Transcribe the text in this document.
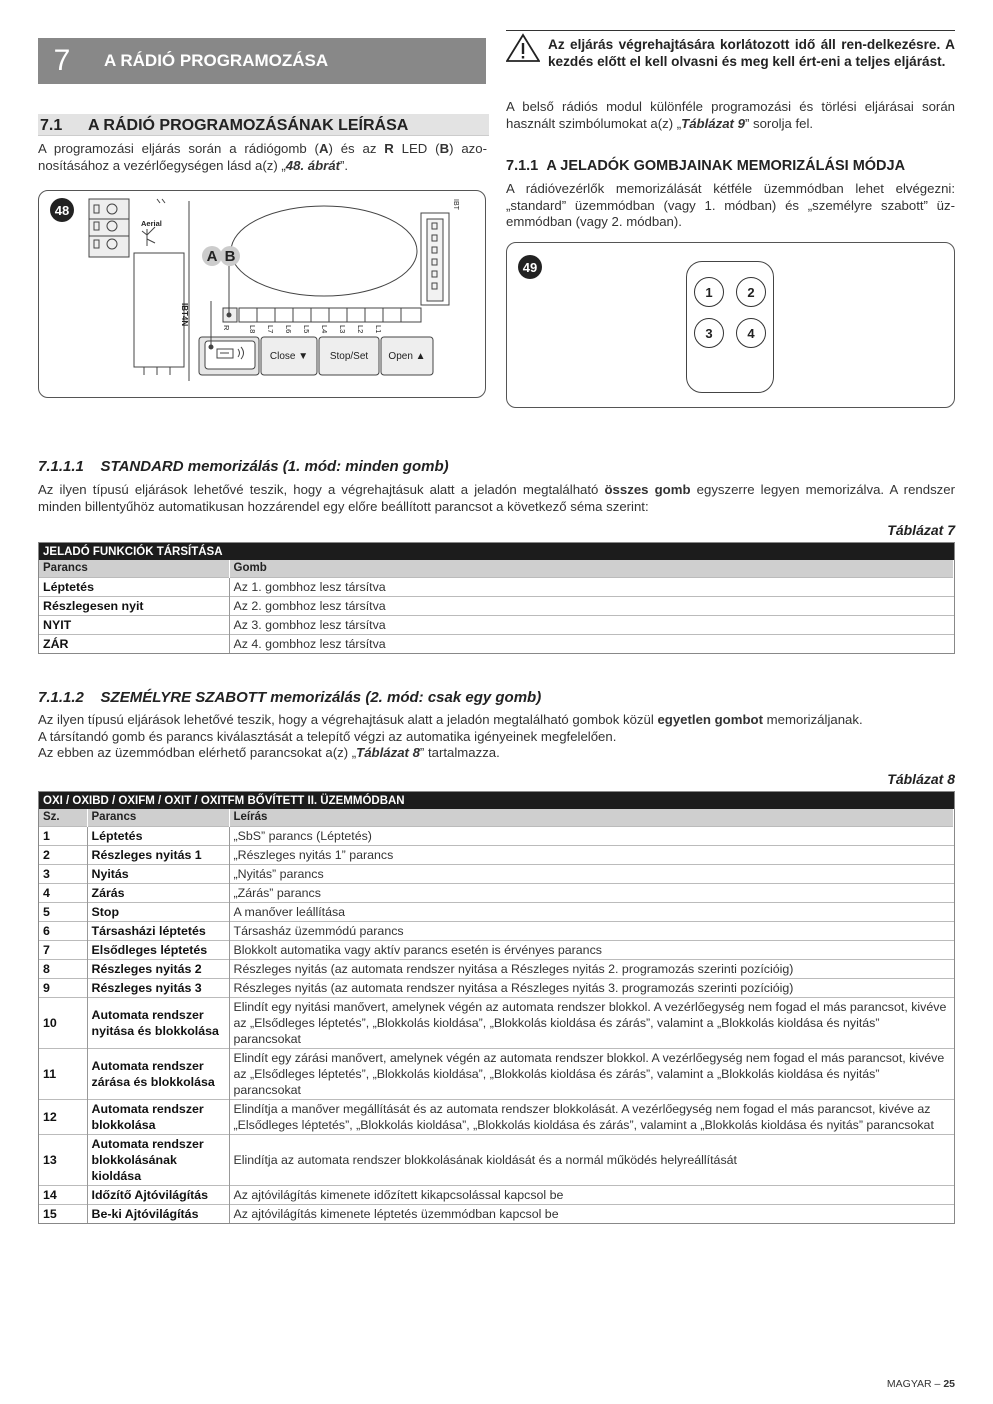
7	A RÁDIÓ PROGRAMOZÁSA
7.1 A RÁDIÓ PROGRAMOZÁSÁNAK LEÍRÁSA
A programozási eljárás során a rádiógomb (A) és az R LED (B) azo-nosításához a vezérlőegységen lásd a(z) „48. ábrát”.
48
A B
Aerial
IBT4N
R L8 L7 L6 L5 L4 L3 L2 L1
Close ▼	Stop/Set	Open ▲
IBT
Az eljárás végrehajtására korlátozott idő áll ren-delkezésre. A kezdés előtt el kell olvasni és meg kell ért-eni a teljes eljárást.
A belső rádiós modul különféle programozási és törlési eljárásai során használt szimbólumokat a(z) „Táblázat 9” sorolja fel.
7.1.1 A JELADÓK GOMBJAINAK MEMORIZÁLÁSI MÓDJA
A rádióvezérlők memorizálását kétféle üzemmódban lehet elvégezni: „standard” üzemmódban (vagy 1. módban) és „személyre szabott” üz-emmódban (vagy 2. módban).
49
1	2
3	4
7.1.1.1 STANDARD memorizálás (1. mód: minden gomb)
Az ilyen típusú eljárások lehetővé teszik, hogy a végrehajtásuk alatt a jeladón megtalálható összes gomb egyszerre legyen memorizálva. A rendszer minden billentyűhöz automatikusan hozzárendel egy előre beállított parancsot a következő séma szerint:
Táblázat 7
JELADÓ FUNKCIÓK TÁRSÍTÁSA	
Parancs	Gomb
Léptetés	Az 1. gombhoz lesz társítva
Részlegesen nyit	Az 2. gombhoz lesz társítva
NYIT	Az 3. gombhoz lesz társítva
ZÁR	Az 4. gombhoz lesz társítva
7.1.1.2 SZEMÉLYRE SZABOTT memorizálás (2. mód: csak egy gomb)
Az ilyen típusú eljárások lehetővé teszik, hogy a végrehajtásuk alatt a jeladón megtalálható gombok közül egyetlen gombot memorizáljanak.
A társítandó gomb és parancs kiválasztását a telepítő végzi az automatika igényeinek megfelelően.
Az ebben az üzemmódban elérhető parancsokat a(z) „Táblázat 8” tartalmazza.
Táblázat 8
OXI / OXIBD / OXIFM / OXIT / OXITFM BŐVÍTETT II. ÜZEMMÓDBAN		
Sz.	Parancs	Leírás
1	Léptetés	„SbS” parancs (Léptetés)
2	Részleges nyitás 1	„Részleges nyitás 1” parancs
3	Nyitás	„Nyitás” parancs
4	Zárás	„Zárás” parancs
5	Stop	A manőver leállítása
6	Társasházi léptetés	Társasház üzemmódú parancs
7	Elsődleges léptetés	Blokkolt automatika vagy aktív parancs esetén is érvényes parancs
8	Részleges nyitás 2	Részleges nyitás (az automata rendszer nyitása a Részleges nyitás 2. programozás szerinti pozícióig)
9	Részleges nyitás 3	Részleges nyitás (az automata rendszer nyitása a Részleges nyitás 3. programozás szerinti pozícióig)
10	Automata rendszer nyitása és blokkolása	Elindít egy nyitási manővert, amelynek végén az automata rendszer blokkol. A vezérlőegység nem fogad el más parancsot, kivéve az „Elsődleges léptetés”, „Blokkolás kioldása”, „Blokkolás kioldása és zárás”, valamint a „Blokkolás kioldása és nyitás” parancsokat
11	Automata rendszer zárása és blokkolása	Elindít egy zárási manővert, amelynek végén az automata rendszer blokkol. A vezérlőegység nem fogad el más parancsot, kivéve az „Elsődleges léptetés”, „Blokkolás kioldása”, „Blokkolás kioldása és zárás”, valamint a „Blokkolás kioldása és nyitás” parancsokat
12	Automata rendszer blokkolása	Elindítja a manőver megállítását és az automata rendszer blokkolását. A vezérlőegység nem fogad el más parancsot, kivéve az „Elsődleges léptetés”, „Blokkolás kioldása”, „Blokkolás kioldása és zárás”, valamint a „Blokkolás kioldása és nyitás” parancsokat
13	Automata rendszer blokkolásának kioldása	Elindítja az automata rendszer blokkolásának kioldását és a normál működés helyreállítását
14	Időzítő Ajtóvilágítás	Az ajtóvilágítás kimenete időzített kikapcsolással kapcsol be
15	Be-ki Ajtóvilágítás	Az ajtóvilágítás kimenete léptetés üzemmódban kapcsol be
MAGYAR – 25
